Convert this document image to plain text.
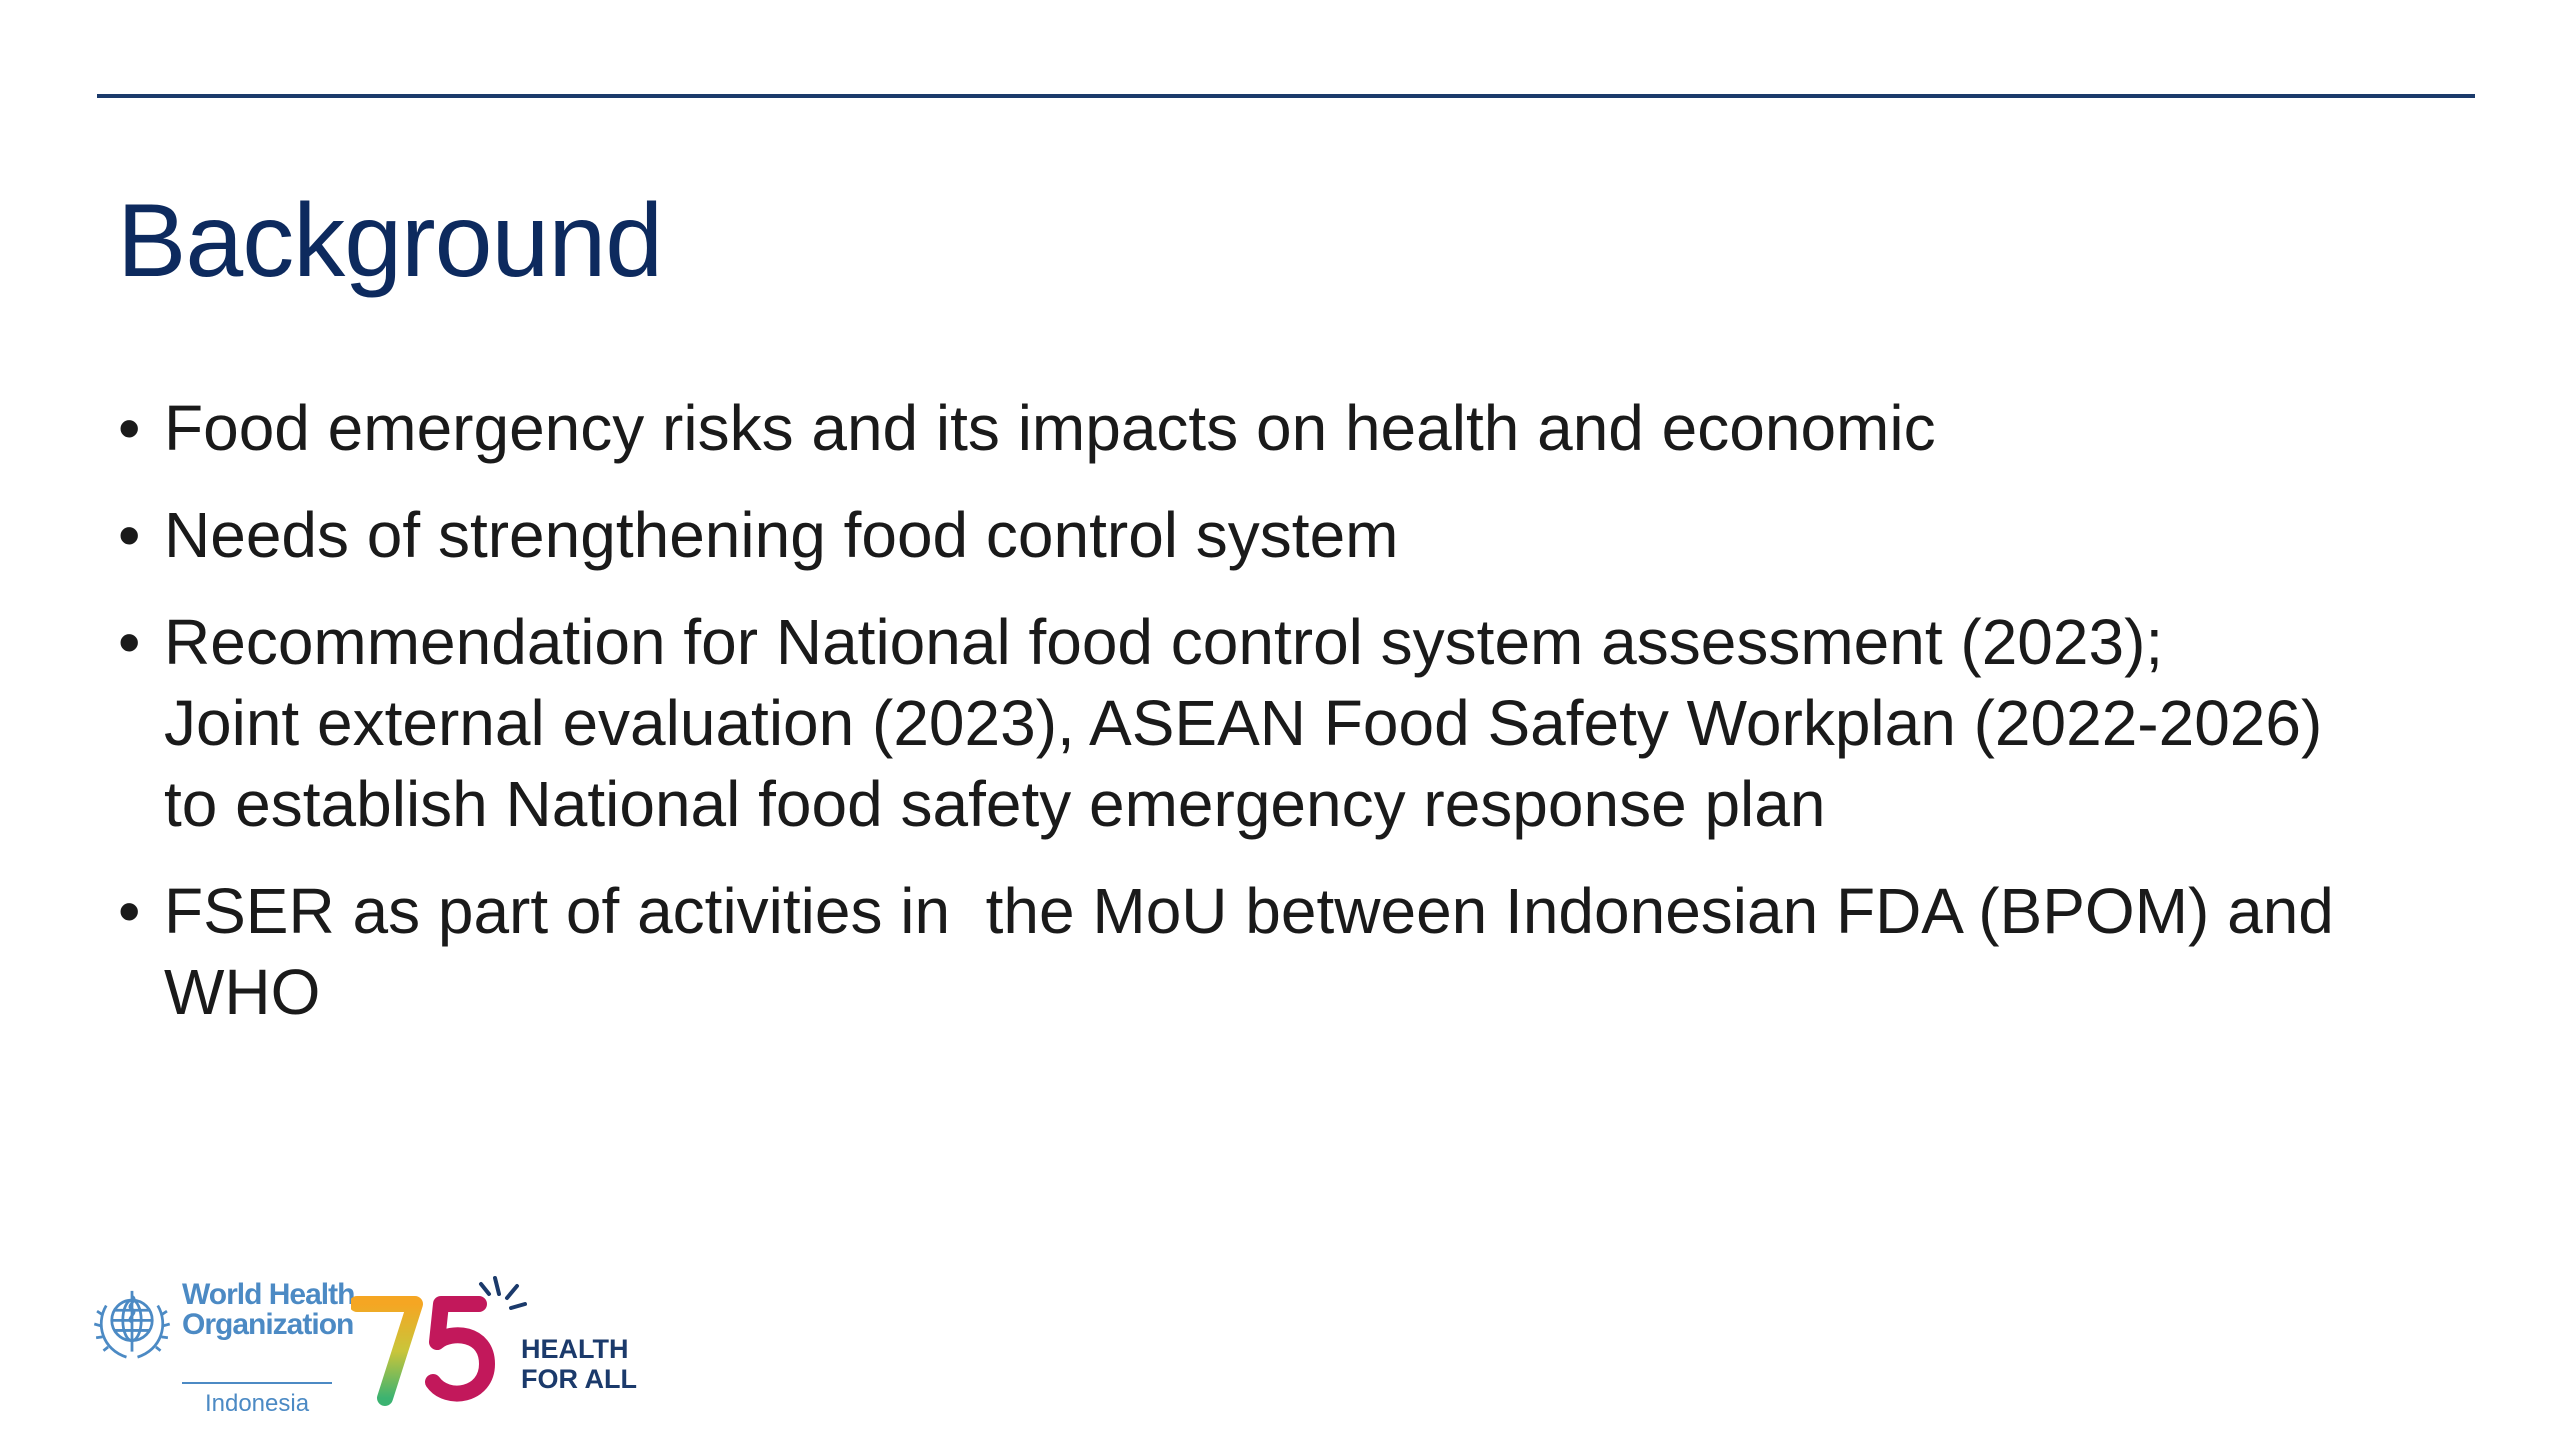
Background
• Food emergency risks and its impacts on health and economic
• Needs of strengthening food control system
• Recommendation for National food control system assessment (2023);
Joint external evaluation (2023), ASEAN Food Safety Workplan (2022-2026)
to establish National food safety emergency response plan
• FSER as part of activities in  the MoU between Indonesian FDA (BPOM) and
WHO
World Health
Organization
Indonesia
HEALTH
FOR ALL
